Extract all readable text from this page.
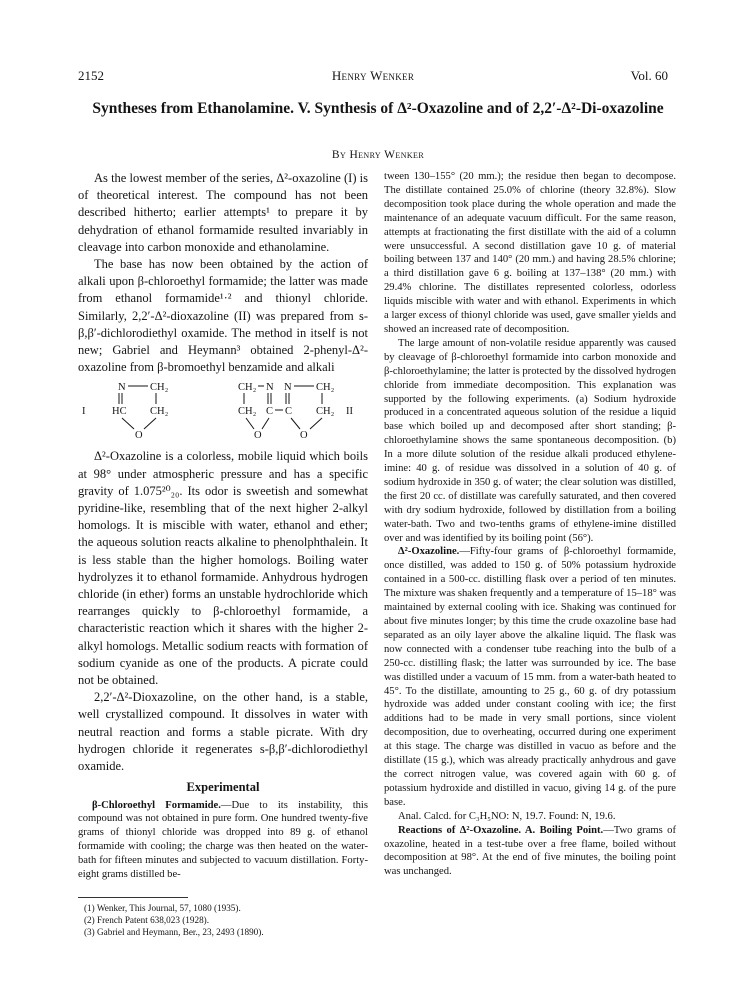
2152	Henry Wenker	Vol. 60
Syntheses from Ethanolamine. V. Synthesis of Δ²-Oxazoline and of 2,2′-Δ²-Di-oxazoline
By Henry Wenker

As the lowest member of the series, Δ²-oxazoline (I) is of theoretical interest. The compound has not been described hitherto; earlier attempts¹ to prepare it by dehydration of ethanol formamide resulted invariably in cleavage into carbon monoxide and ethanolamine.

The base has now been obtained by the action of alkali upon β-chloroethyl formamide; the latter was made from ethanol formamide¹·² and thionyl chloride. Similarly, 2,2′-Δ²-dioxazoline (II) was prepared from s-β,β′-dichlorodiethyl oxamide. The method in itself is not new; Gabriel and Heymann³ obtained 2-phenyl-Δ²-oxazoline from β-bromoethyl benzamide and alkali

I
N CH₂
HC CH₂
O
CH₂ N N CH₂
CH₂ C C CH₂
O	O
II

Δ²-Oxazoline is a colorless, mobile liquid which boils at 98° under atmospheric pressure and has a specific gravity of 1.075²⁰₂₀. Its odor is sweetish and somewhat pyridine-like, resembling that of the next higher 2-alkyl homologs. It is miscible with water, ethanol and ether; the aqueous solution reacts alkaline to phenolphthalein. It is less stable than the higher homologs. Boiling water hydrolyzes it to ethanol formamide. Anhydrous hydrogen chloride (in ether) forms an unstable hydrochloride which rearranges quickly to β-chloroethyl formamide, a characteristic reaction which it shares with the higher 2-alkyl homologs. Metallic sodium reacts with formation of sodium cyanide as one of the products. A picrate could not be obtained.

2,2′-Δ²-Dioxazoline, on the other hand, is a stable, well crystallized compound. It dissolves in water with neutral reaction and forms a stable picrate. With dry hydrogen chloride it regenerates s-β,β′-dichlorodiethyl oxamide.

Experimental

β-Chloroethyl Formamide.—Due to its instability, this compound was not obtained in pure form. One hundred twenty-five grams of thionyl chloride was dropped into 89 g. of ethanol formamide with cooling; the charge was then heated on the water-bath for fifteen minutes and subjected to vacuum distillation. Forty-eight grams distilled be-

(1) Wenker, This Journal, 57, 1080 (1935).
(2) French Patent 638,023 (1928).
(3) Gabriel and Heymann, Ber., 23, 2493 (1890).

tween 130–155° (20 mm.); the residue then began to decompose. The distillate contained 25.0% of chlorine (theory 32.8%). Slow decomposition took place during the whole operation and made the maintenance of an adequate vacuum difficult. For the same reason, attempts at fractionating the first distillate with the aid of a column were unsuccessful. A second distillation gave 10 g. of material boiling between 137 and 140° (20 mm.) and having 28.5% chlorine; a third distillation gave 6 g. boiling at 137–138° (20 mm.) with 29.4% chlorine. The distillates represented colorless, odorless liquids miscible with water and with ethanol. Experiments in which a larger excess of thionyl chloride was used, gave smaller yields and showed an increased rate of decomposition.

The large amount of non-volatile residue apparently was caused by cleavage of β-chloroethyl formamide into carbon monoxide and β-chloroethylamine; the latter is protected by the dissolved hydrogen chloride from immediate decomposition. This explanation was supported by the following experiments. (a) Sodium hydroxide produced in a concentrated aqueous solution of the residue a liquid base which boiled up and decomposed after short standing; β-chloroethylamine shows the same spontaneous decomposition. (b) In a more dilute solution of the residue alkali produced ethylene-imine: 40 g. of residue was dissolved in a solution of 40 g. of sodium hydroxide in 350 g. of water; the clear solution was distilled, the first 20 cc. of distillate was carefully saturated, and then covered with dry sodium hydroxide, followed by distillation from a boiling water-bath. Two and two-tenths grams of ethylene-imine distilled over and was identified by its boiling point (56°).

Δ²-Oxazoline.—Fifty-four grams of β-chloroethyl formamide, once distilled, was added to 150 g. of 50% potassium hydroxide contained in a 500-cc. distilling flask over a period of ten minutes. The mixture was shaken frequently and a temperature of 15–18° was maintained by external cooling with ice. Shaking was continued for about five minutes longer; by this time the crude oxazoline base had separated as an oily layer above the alkaline liquid. The flask was now connected with a condenser tube reaching into the bulb of a 250-cc. distilling flask; the latter was surrounded by ice. The base was distilled under a vacuum of 15 mm. from a water-bath heated to 45°. To the distillate, amounting to 25 g., 60 g. of dry potassium hydroxide was added under constant cooling with ice; the first additions had to be made in very small portions, since violent decomposition, due to overheating, occurred during one experiment at this stage. The charge was distilled in vacuo as before and the distillate (15 g.), which was already practically anhydrous and gave the correct nitrogen value, was covered again with 60 g. of potassium hydroxide and distilled in vacuo, giving 14 g. of the pure base.

Anal. Calcd. for C₃H₅NO: N, 19.7. Found: N, 19.6.

Reactions of Δ²-Oxazoline. A. Boiling Point.—Two grams of oxazoline, heated in a test-tube over a free flame, boiled without decomposition at 98°. At the end of five minutes, the boiling point was unchanged.
